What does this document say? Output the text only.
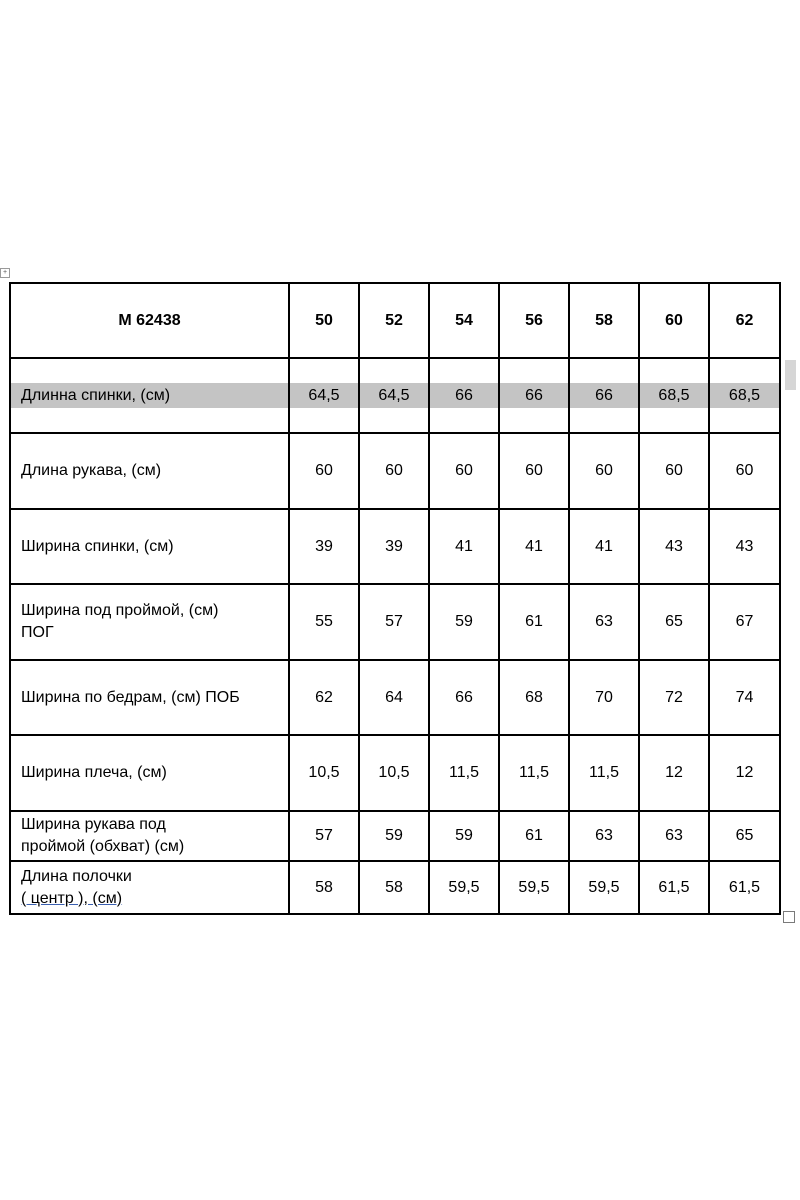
+
M 62438	50	52	54	56	58	60	62

Длинна спинки, (см)	64,5	64,5	66	66	66	68,5	68,5
Длина рукава, (см)	60	60	60	60	60	60	60
Ширина спинки, (см)	39	39	41	41	41	43	43
Ширина под проймой, (см)
ПОГ	55	57	59	61	63	65	67
Ширина по бедрам, (см) ПОБ	62	64	66	68	70	72	74
Ширина плеча, (см)	10,5	10,5	11,5	11,5	11,5	12	12
Ширина рукава под
проймой (обхват) (см)	57	59	59	61	63	63	65
Длина полочки
( центр ), (см)	58	58	59,5	59,5	59,5	61,5	61,5
